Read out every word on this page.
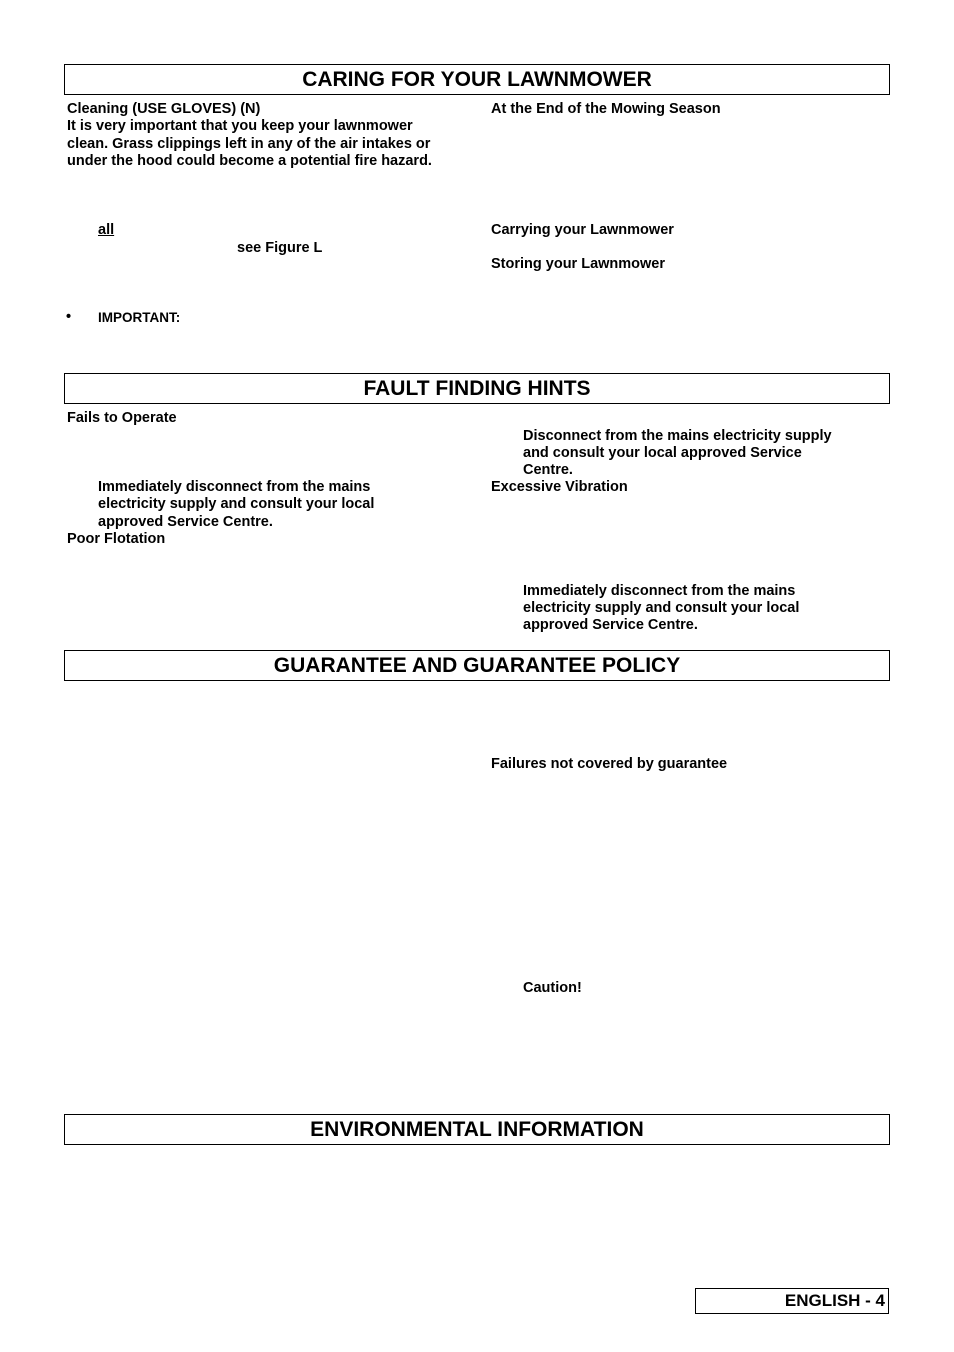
CARING FOR YOUR LAWNMOWER
Cleaning (USE GLOVES) (N)
It is very important that you keep your lawnmower
clean. Grass clippings left in any of the air intakes or
under the hood could become a potential fire hazard.
all
see Figure L
• IMPORTANT:
At the End of the Mowing Season
Carrying your Lawnmower
Storing your Lawnmower
FAULT FINDING HINTS
Fails to Operate
Disconnect from the mains electricity supply
and consult your local approved Service
Centre.
Immediately disconnect from the mains
electricity supply and consult your local
approved Service Centre.
Excessive Vibration
Poor Flotation
Immediately disconnect from the mains
electricity supply and consult your local
approved Service Centre.
GUARANTEE AND GUARANTEE POLICY
Failures not covered by guarantee
Caution!
ENVIRONMENTAL INFORMATION
ENGLISH - 4
